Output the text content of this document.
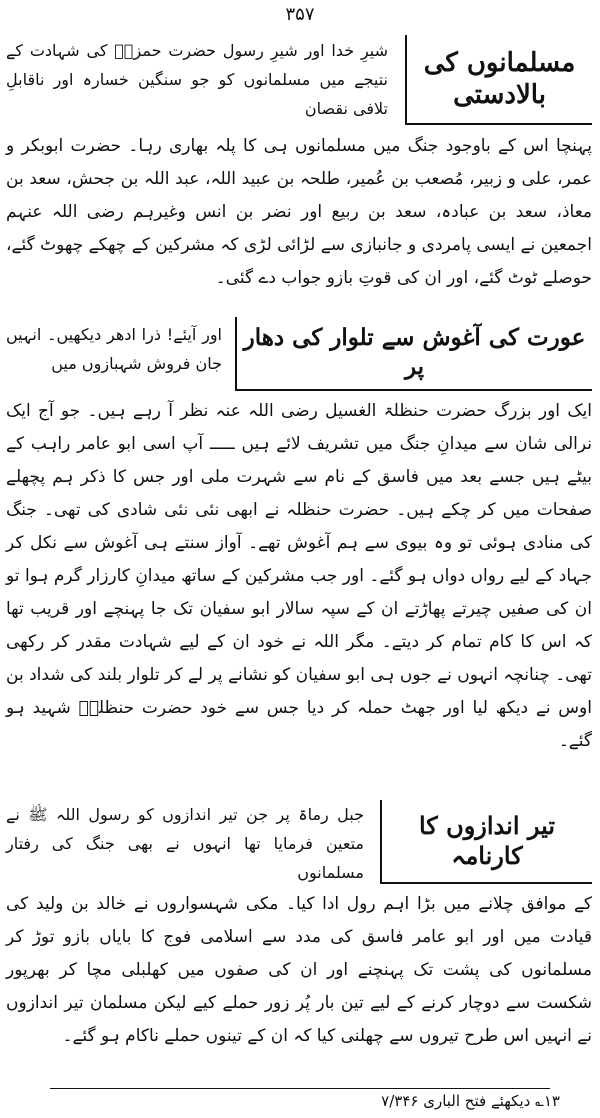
۳۵۷
مسلمانوں کی بالادستی

شیرِ خدا اور شیرِ رسول حضرت حمزہؓ کی شہادت کے نتیجے میں مسلمانوں کو جو سنگین خسارہ اور ناقابلِ تلافی نقصان

پہنچا اس کے باوجود جنگ میں مسلمانوں ہی کا پلہ بھاری رہا۔ حضرت ابوبکر و عمر، علی و زبیر، مُصعب بن عُمیر، طلحہ بن عبید اللہ، عبد اللہ بن جحش، سعد بن معاذ، سعد بن عبادہ، سعد بن ربیع اور نضر بن انس وغیرہم رضی اللہ عنہم اجمعین نے ایسی پامردی و جانبازی سے لڑائی لڑی کہ مشرکین کے چھکے چھوٹ گئے، حوصلے ٹوٹ گئے، اور ان کی قوتِ بازو جواب دے گئی۔

عورت کی آغوش سے تلوار کی دھار پر

اور آیئے! ذرا ادھر دیکھیں۔ انہیں جان فروش شہبازوں میں

ایک اور بزرگ حضرت حنظلۃ الغسیل رضی اللہ عنہ نظر آ رہے ہیں۔ جو آج ایک نرالی شان سے میدانِ جنگ میں تشریف لائے ہیں ـــــ آپ اسی ابو عامر راہب کے بیٹے ہیں جسے بعد میں فاسق کے نام سے شہرت ملی اور جس کا ذکر ہم پچھلے صفحات میں کر چکے ہیں۔ حضرت حنظلہ نے ابھی نئی نئی شادی کی تھی۔ جنگ کی منادی ہوئی تو وہ بیوی سے ہم آغوش تھے۔ آواز سنتے ہی آغوش سے نکل کر جہاد کے لیے رواں دواں ہو گئے۔ اور جب مشرکین کے ساتھ میدانِ کارزار گرم ہوا تو ان کی صفیں چیرتے پھاڑتے ان کے سپہ سالار ابو سفیان تک جا پہنچے اور قریب تھا کہ اس کا کام تمام کر دیتے۔ مگر اللہ نے خود ان کے لیے شہادت مقدر کر رکھی تھی۔ چنانچہ انہوں نے جوں ہی ابو سفیان کو نشانے پر لے کر تلوار بلند کی شداد بن اوس نے دیکھ لیا اور جھٹ حملہ کر دیا جس سے خود حضرت حنظلہؓ شہید ہو گئے۔

تیر اندازوں کا کارنامہ

جبل رماۃ پر جن تیر اندازوں کو رسول اللہ ﷺ نے متعین فرمایا تھا انہوں نے بھی جنگ کی رفتار مسلمانوں

کے موافق چلانے میں بڑا اہم رول ادا کیا۔ مکی شہسواروں نے خالد بن ولید کی قیادت میں اور ابو عامر فاسق کی مدد سے اسلامی فوج کا بایاں بازو توڑ کر مسلمانوں کی پشت تک پہنچنے اور ان کی صفوں میں کھلبلی مچا کر بھرپور شکست سے دوچار کرنے کے لیے تین بار پُر زور حملے کیے لیکن مسلمان تیر اندازوں نے انہیں اس طرح تیروں سے چھلنی کیا کہ ان کے تینوں حملے ناکام ہو گئے۔

۱۳؎ دیکھئے فتح الباری ۷/۳۴۶
